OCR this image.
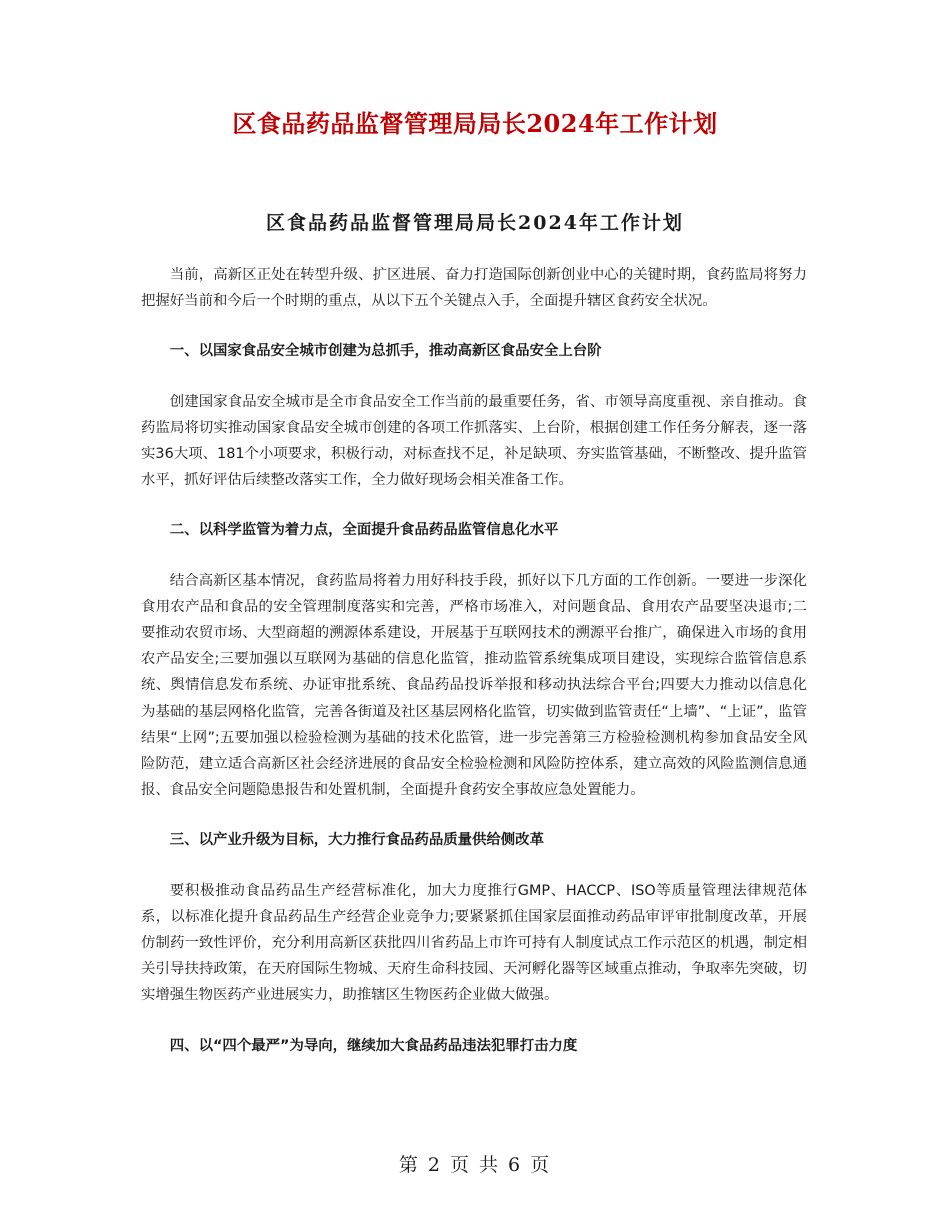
区食品药品监督管理局局长2024年工作计划
区食品药品监督管理局局长2024年工作计划

当前，高新区正处在转型升级、扩区进展、奋力打造国际创新创业中心的关键时期，食药监局将努力把握好当前和今后一个时期的重点，从以下五个关键点入手，全面提升辖区食药安全状况。

一、以国家食品安全城市创建为总抓手，推动高新区食品安全上台阶

创建国家食品安全城市是全市食品安全工作当前的最重要任务，省、市领导高度重视、亲自推动。食药监局将切实推动国家食品安全城市创建的各项工作抓落实、上台阶，根据创建工作任务分解表，逐一落实36大项、181个小项要求，积极行动，对标查找不足，补足缺项、夯实监管基础，不断整改、提升监管水平，抓好评估后续整改落实工作，全力做好现场会相关准备工作。

二、以科学监管为着力点，全面提升食品药品监管信息化水平

结合高新区基本情况，食药监局将着力用好科技手段，抓好以下几方面的工作创新。一要进一步深化食用农产品和食品的安全管理制度落实和完善，严格市场准入，对问题食品、食用农产品要坚决退市;二要推动农贸市场、大型商超的溯源体系建设，开展基于互联网技术的溯源平台推广，确保进入市场的食用农产品安全;三要加强以互联网为基础的信息化监管，推动监管系统集成项目建设，实现综合监管信息系统、舆情信息发布系统、办证审批系统、食品药品投诉举报和移动执法综合平台;四要大力推动以信息化为基础的基层网格化监管，完善各街道及社区基层网格化监管，切实做到监管责任“上墙”、“上证”，监管结果“上网”;五要加强以检验检测为基础的技术化监管，进一步完善第三方检验检测机构参加食品安全风险防范，建立适合高新区社会经济进展的食品安全检验检测和风险防控体系，建立高效的风险监测信息通报、食品安全问题隐患报告和处置机制，全面提升食药安全事故应急处置能力。

三、以产业升级为目标，大力推行食品药品质量供给侧改革

要积极推动食品药品生产经营标准化，加大力度推行GMP、HACCP、ISO等质量管理法律规范体系，以标准化提升食品药品生产经营企业竞争力;要紧紧抓住国家层面推动药品审评审批制度改革，开展仿制药一致性评价，充分利用高新区获批四川省药品上市许可持有人制度试点工作示范区的机遇，制定相关引导扶持政策，在天府国际生物城、天府生命科技园、天河孵化器等区域重点推动，争取率先突破，切实增强生物医药产业进展实力，助推辖区生物医药企业做大做强。

四、以“四个最严”为导向，继续加大食品药品违法犯罪打击力度

第 2 页 共 6 页
